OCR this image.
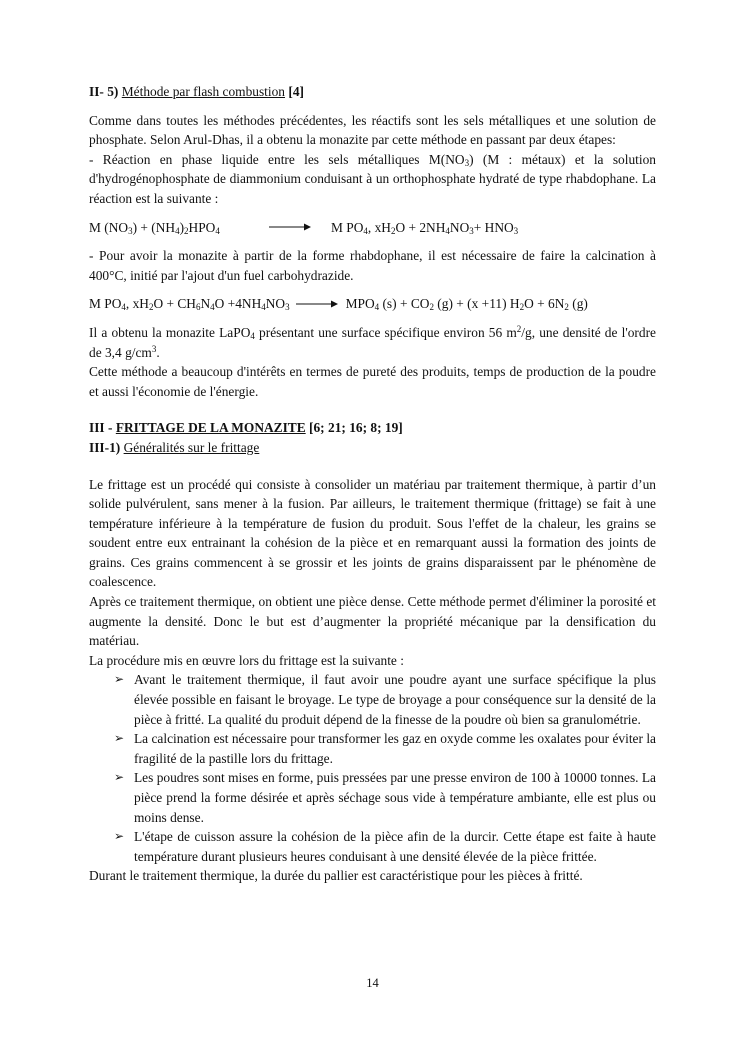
II- 5) Méthode par flash combustion [4]

Comme dans toutes les méthodes précédentes, les réactifs sont les sels métalliques et une solution de phosphate. Selon Arul-Dhas, il a obtenu la monazite par cette méthode en passant par deux étapes:

- Réaction en phase liquide entre les sels métalliques $M(NO_3)$ (M : métaux) et la solution d'hydrogénophosphate de diammonium conduisant à un orthophosphate hydraté de type rhabdophane. La réaction est la suivante :

M $(NO_3) + (NH_4)_2HPO_4$	→ M $PO_4$, $xH_2O + 2NH_4NO_3+ HNO_3$

- Pour avoir la monazite à partir de la forme rhabdophane, il est nécessaire de faire la calcination à 400°C, initié par l'ajout d'un fuel carbohydrazide.

M $PO_4$, $xH_2O + CH_6N_4O +4NH_4NO_3 \to MPO_4$ $(s) + CO_2$ (g) + (x +11) $H_2O + 6N_2$ (g)

Il a obtenu la monazite LaPO$_4$ présentant une surface spécifique environ 56 $m^2/g$, une densité de l'ordre de 3,4 $g/cm^3$.

Cette méthode a beaucoup d'intérêts en termes de pureté des produits, temps de production de la poudre et aussi l'économie de l'énergie.

III - FRITTAGE DE LA MONAZITE [6; 21; 16; 8; 19]

III-1) Généralités sur le frittage

Le frittage est un procédé qui consiste à consolider un matériau par traitement thermique, à partir d’un solide pulvérulent, sans mener à la fusion. Par ailleurs, le traitement thermique (frittage) se fait à une température inférieure à la température de fusion du produit. Sous l'effet de la chaleur, les grains se soudent entre eux entrainant la cohésion de la pièce et en remarquant aussi la formation des joints de grains. Ces grains commencent à se grossir et les joints de grains disparaissent par le phénomène de coalescence.

Après ce traitement thermique, on obtient une pièce dense. Cette méthode permet d'éliminer la porosité et augmente la densité. Donc le but est d’augmenter la propriété mécanique par la densification du matériau.

La procédure mis en œuvre lors du frittage est la suivante :

➢ Avant le traitement thermique, il faut avoir une poudre ayant une surface spécifique la plus élevée possible en faisant le broyage. Le type de broyage a pour conséquence sur la densité de la pièce à fritté. La qualité du produit dépend de la finesse de la poudre où bien sa granulométrie.
➢ La calcination est nécessaire pour transformer les gaz en oxyde comme les oxalates pour éviter la fragilité de la pastille lors du frittage.
➢ Les poudres sont mises en forme, puis pressées par une presse environ de 100 à 10000 tonnes. La pièce prend la forme désirée et après séchage sous vide à température ambiante, elle est plus ou moins dense.
➢ L'étape de cuisson assure la cohésion de la pièce afin de la durcir. Cette étape est faite à haute température durant plusieurs heures conduisant à une densité élevée de la pièce frittée.

Durant le traitement thermique, la durée du pallier est caractéristique pour les pièces à fritté.

14
